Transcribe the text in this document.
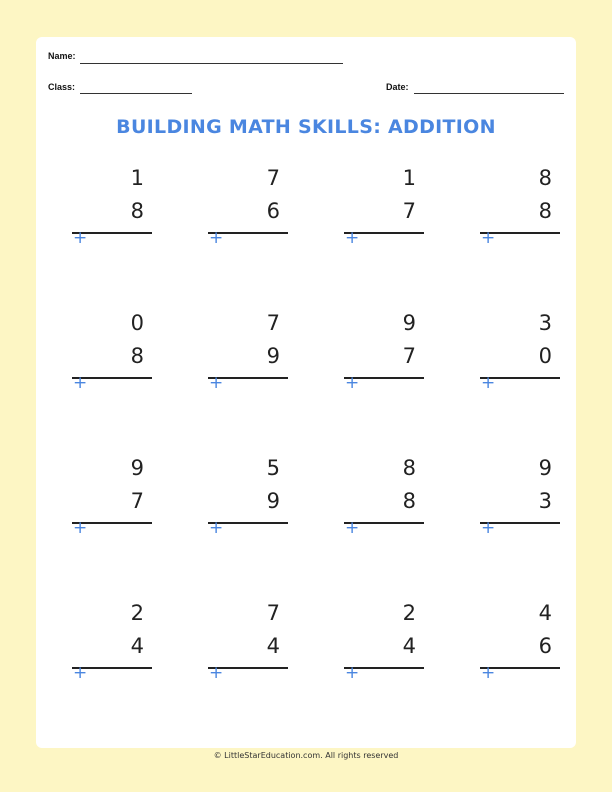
Name:
Class:	Date:
BUILDING MATH SKILLS: ADDITION
1
8
+
7
6
+
1
7
+
8
8
+
0
8
+
7
9
+
9
7
+
3
0
+
9
7
+
5
9
+
8
8
+
9
3
+
2
4
+
7
4
+
2
4
+
4
6
+
© LittleStarEducation.com. All rights reserved
